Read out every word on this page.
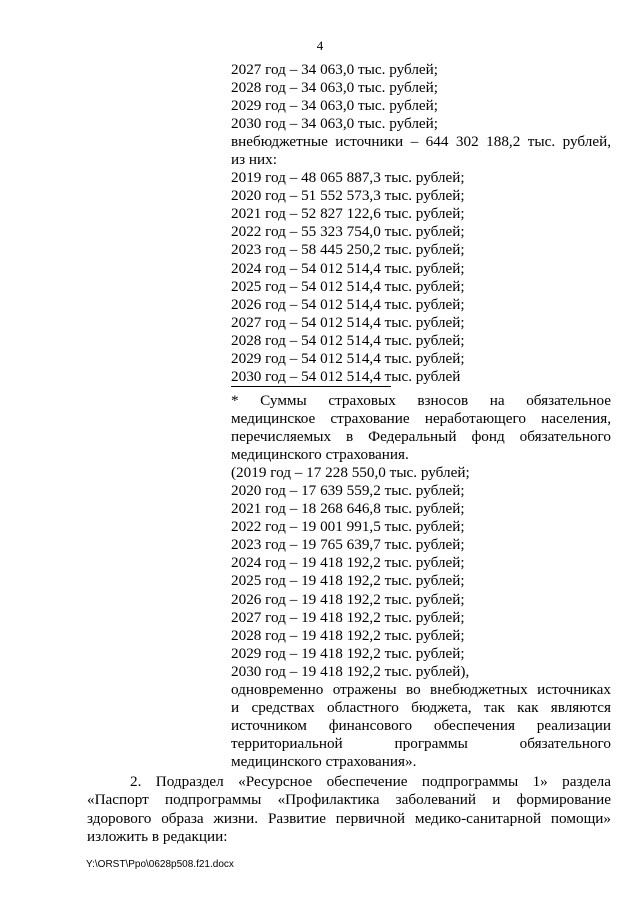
4
2027 год – 34 063,0 тыс. рублей;
2028 год – 34 063,0 тыс. рублей;
2029 год – 34 063,0 тыс. рублей;
2030 год – 34 063,0 тыс. рублей;
внебюджетные источники – 644 302 188,2 тыс. рублей,
из них:
2019 год – 48 065 887,3 тыс. рублей;
2020 год – 51 552 573,3 тыс. рублей;
2021 год – 52 827 122,6 тыс. рублей;
2022 год – 55 323 754,0 тыс. рублей;
2023 год – 58 445 250,2 тыс. рублей;
2024 год – 54 012 514,4 тыс. рублей;
2025 год – 54 012 514,4 тыс. рублей;
2026 год – 54 012 514,4 тыс. рублей;
2027 год – 54 012 514,4 тыс. рублей;
2028 год – 54 012 514,4 тыс. рублей;
2029 год – 54 012 514,4 тыс. рублей;
2030 год – 54 012 514,4 тыс. рублей
* Суммы страховых взносов на обязательное
медицинское страхование неработающего населения,
перечисляемых в Федеральный фонд обязательного
медицинского страхования.
(2019 год – 17 228 550,0 тыс. рублей;
2020 год – 17 639 559,2 тыс. рублей;
2021 год – 18 268 646,8 тыс. рублей;
2022 год – 19 001 991,5 тыс. рублей;
2023 год – 19 765 639,7 тыс. рублей;
2024 год – 19 418 192,2 тыс. рублей;
2025 год – 19 418 192,2 тыс. рублей;
2026 год – 19 418 192,2 тыс. рублей;
2027 год – 19 418 192,2 тыс. рублей;
2028 год – 19 418 192,2 тыс. рублей;
2029 год – 19 418 192,2 тыс. рублей;
2030 год – 19 418 192,2 тыс. рублей),
одновременно отражены во внебюджетных источниках
и средствах областного бюджета, так как являются
источником финансового обеспечения реализации
территориальной программы обязательного
медицинского страхования».
2. Подраздел «Ресурсное обеспечение подпрограммы 1» раздела
«Паспорт подпрограммы «Профилактика заболеваний и формирование
здорового образа жизни. Развитие первичной медико-санитарной помощи»
изложить в редакции:
Y:\ORST\Ppo\0628p508.f21.docx
